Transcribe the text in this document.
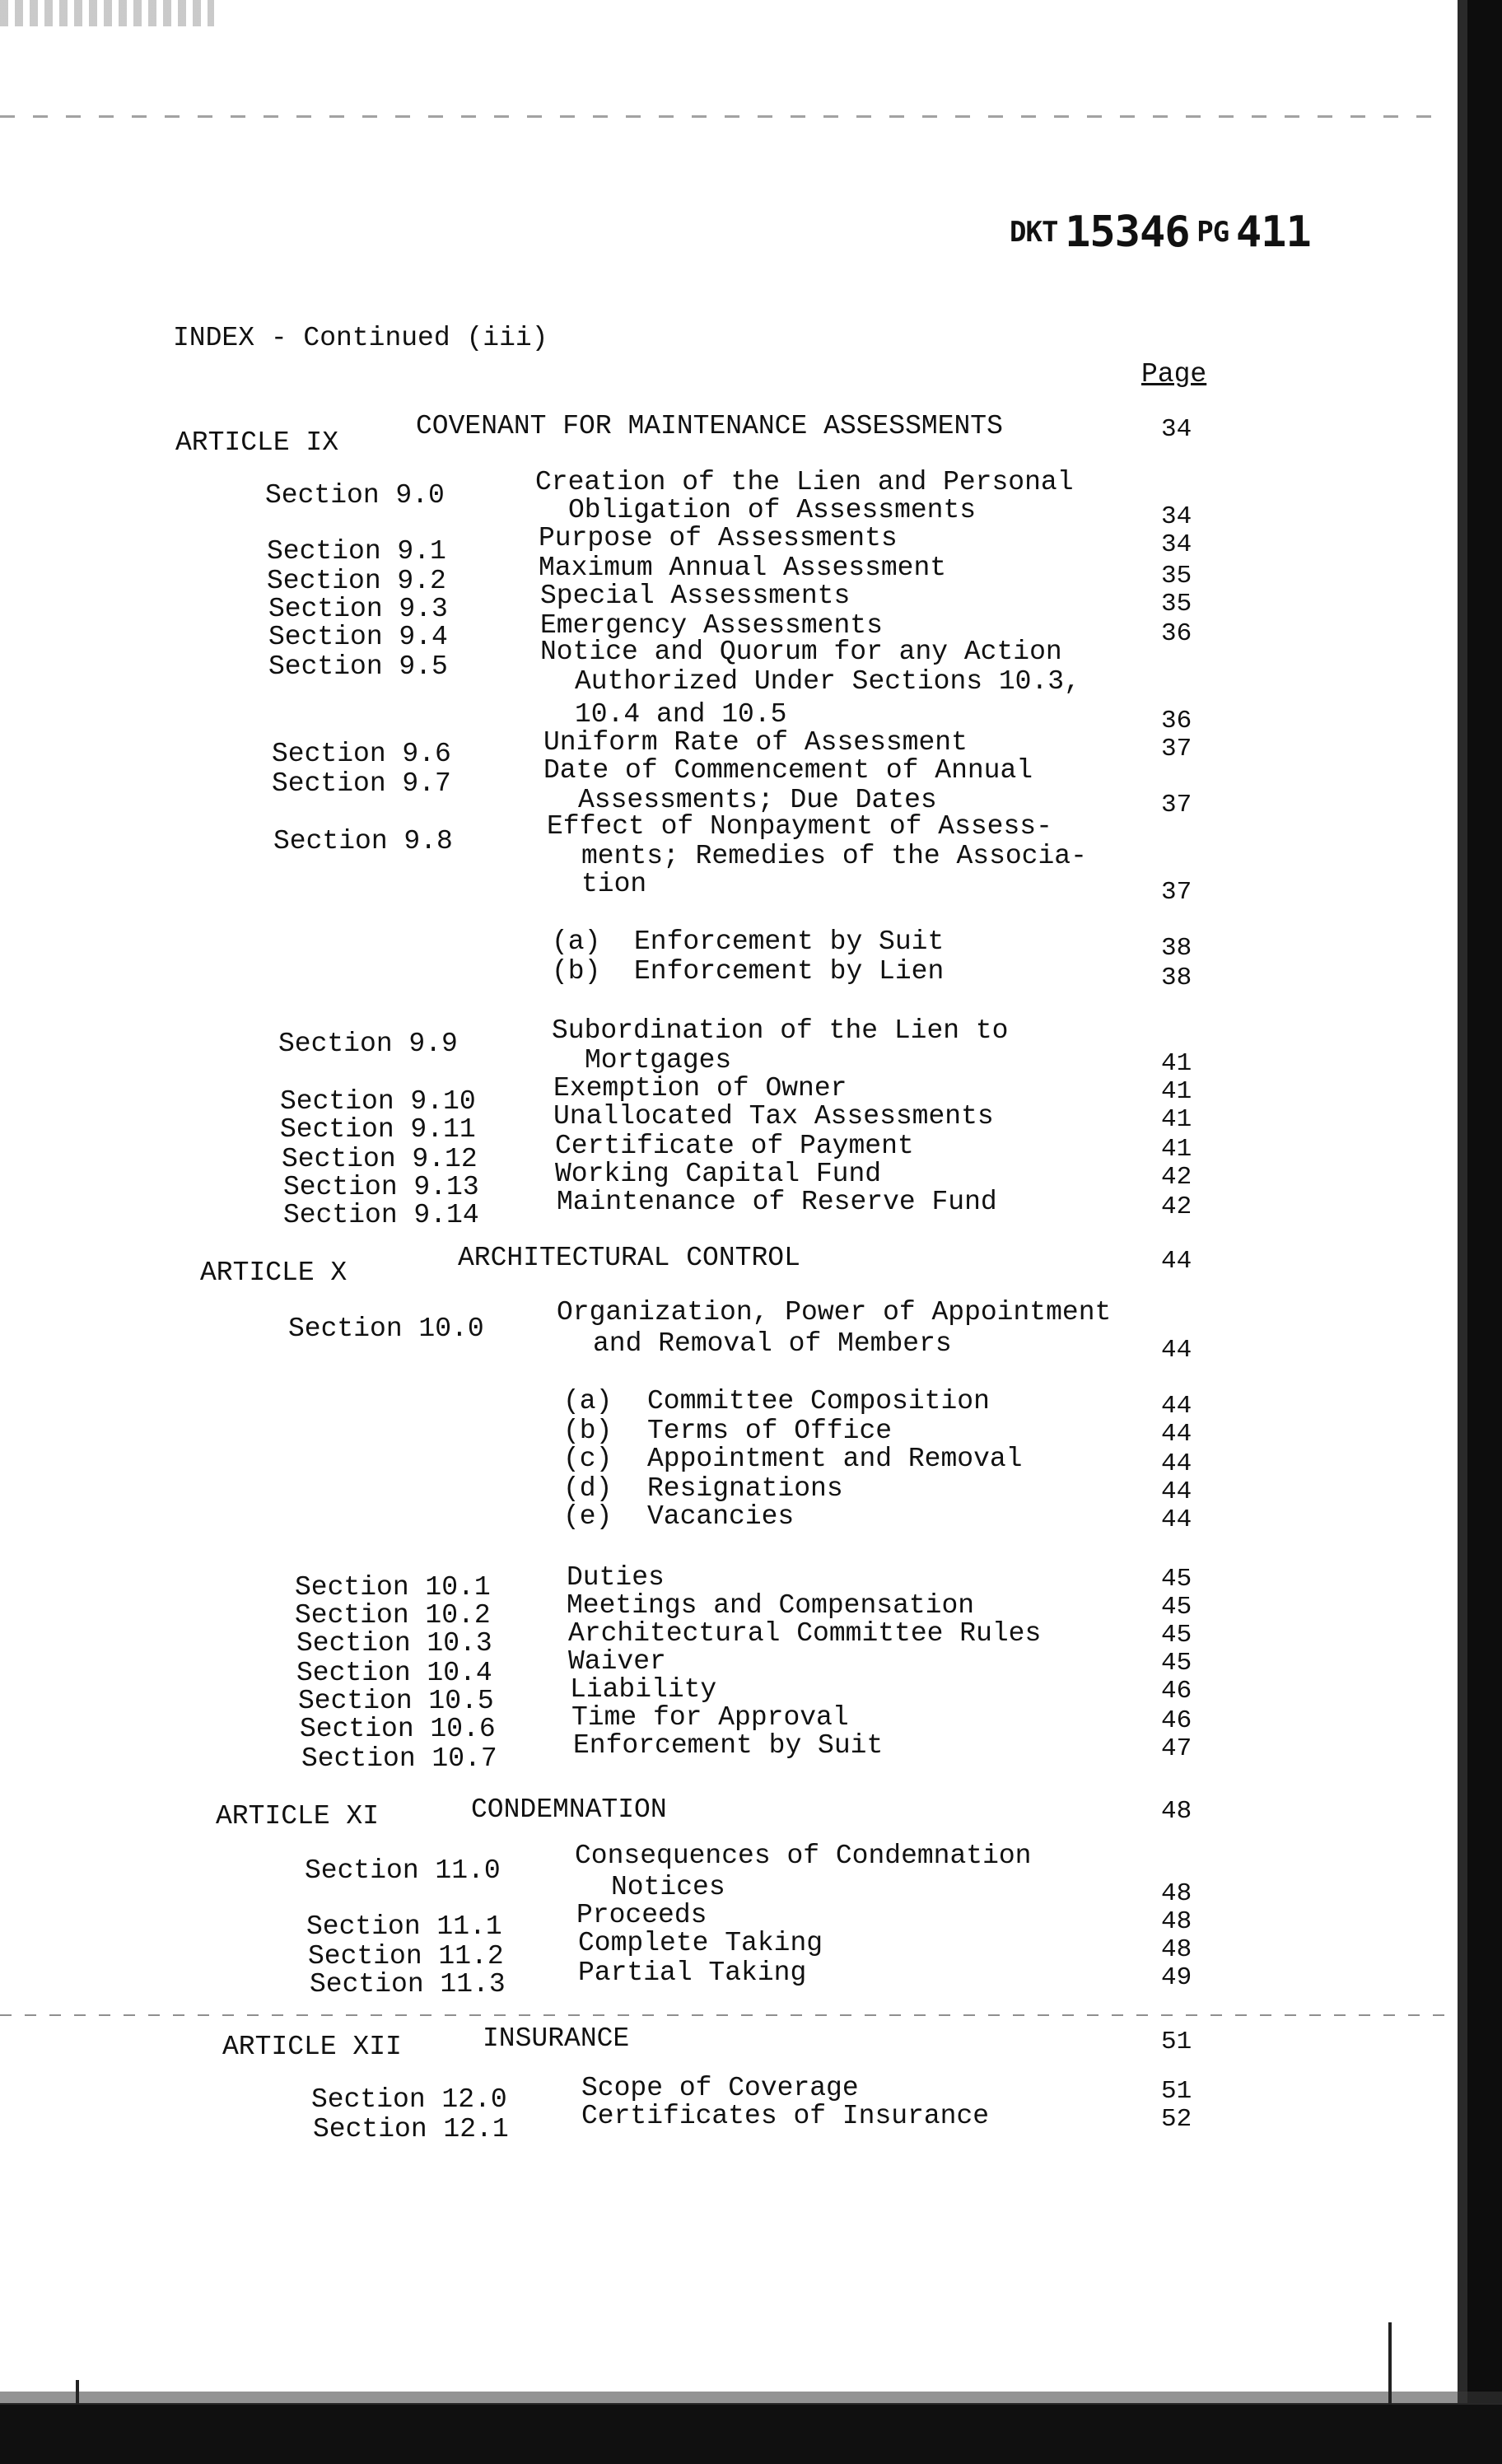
DKT 15346 PG 411
INDEX - Continued (iii)
Page
ARTICLE IX
COVENANT FOR MAINTENANCE ASSESSMENTS	34
Section 9.0	Creation of the Lien and Personal
Obligation of Assessments	34
Section 9.1	Purpose of Assessments	34
Section 9.2	Maximum Annual Assessment	35
Section 9.3	Special Assessments	35
Section 9.4	Emergency Assessments	36
Section 9.5	Notice and Quorum for any Action
Authorized Under Sections 10.3,
10.4 and 10.5	36
Section 9.6	Uniform Rate of Assessment	37
Section 9.7	Date of Commencement of Annual
Assessments; Due Dates	37
Section 9.8	Effect of Nonpayment of Assess-
ments; Remedies of the Associa-
tion	37
(a) Enforcement by Suit	38
(b) Enforcement by Lien	38
Section 9.9	Subordination of the Lien to
Mortgages	41
Section 9.10	Exemption of Owner	41
Section 9.11	Unallocated Tax Assessments	41
Section 9.12	Certificate of Payment	41
Section 9.13	Working Capital Fund	42
Section 9.14	Maintenance of Reserve Fund	42
ARTICLE X	ARCHITECTURAL CONTROL	44
Section 10.0
Organization, Power of Appointment
and Removal of Members	44
(a) Committee Composition	44
(b) Terms of Office	44
(c) Appointment and Removal	44
(d) Resignations	44
(e) Vacancies	44
Section 10.1	Duties	45
Section 10.2	Meetings and Compensation	45
Section 10.3	Architectural Committee Rules	45
Section 10.4	Waiver	45
Section 10.5	Liability	46
Section 10.6	Time for Approval	46
Section 10.7	Enforcement by Suit	47
ARTICLE XI	CONDEMNATION	48
Section 11.0	Consequences of Condemnation
Notices	48
Section 11.1	Proceeds	48
Section 11.2	Complete Taking	48
Section 11.3	Partial Taking	49
ARTICLE XII	INSURANCE	51
Section 12.0	Scope of Coverage	51
Section 12.1	Certificates of Insurance	52
